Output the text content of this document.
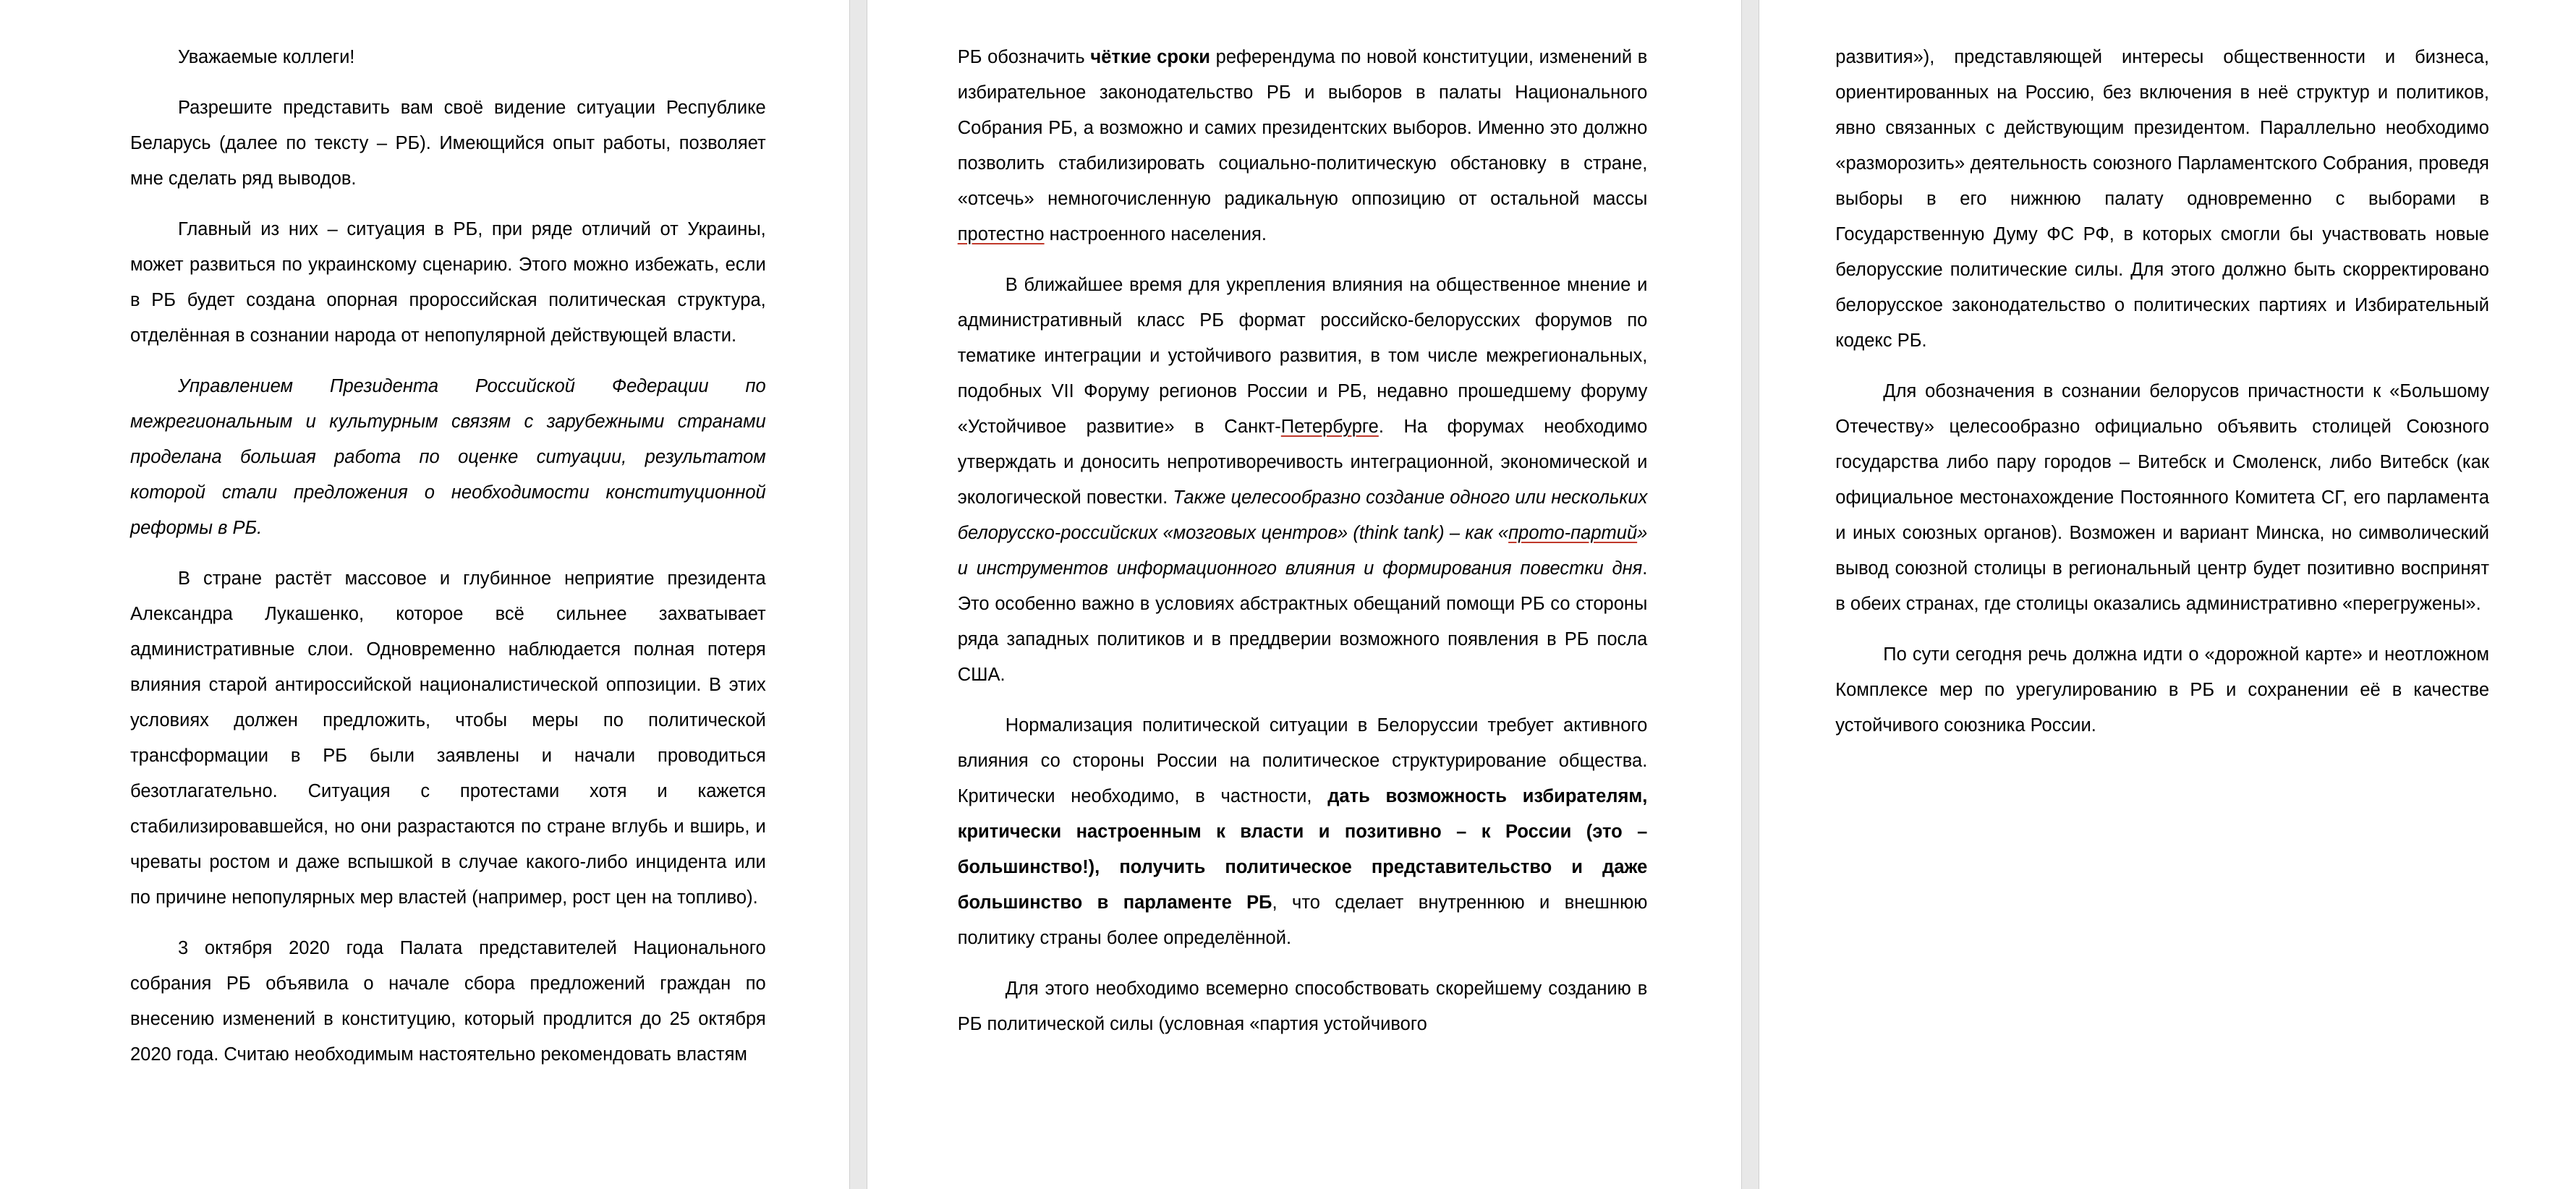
Уважаемые коллеги!

Разрешите представить вам своё видение ситуации Республике Беларусь (далее по тексту – РБ). Имеющийся опыт работы, позволяет мне сделать ряд выводов.

Главный из них – ситуация в РБ, при ряде отличий от Украины, может развиться по украинскому сценарию. Этого можно избежать, если в РБ будет создана опорная пророссийская политическая структура, отделённая в сознании народа от непопулярной действующей власти.

Управлением Президента Российской Федерации по межрегиональным и культурным связям с зарубежными странами проделана большая работа по оценке ситуации, результатом которой стали предложения о необходимости конституционной реформы в РБ.

В стране растёт массовое и глубинное неприятие президента Александра Лукашенко, которое всё сильнее захватывает административные слои. Одновременно наблюдается полная потеря влияния старой антироссийской националистической оппозиции. В этих условиях должен предложить, чтобы меры по политической трансформации в РБ были заявлены и начали проводиться безотлагательно. Ситуация с протестами хотя и кажется стабилизировавшейся, но они разрастаются по стране вглубь и вширь, и чреваты ростом и даже вспышкой в случае какого-либо инцидента или по причине непопулярных мер властей (например, рост цен на топливо).

3 октября 2020 года Палата представителей Национального собрания РБ объявила о начале сбора предложений граждан по внесению изменений в конституцию, который продлится до 25 октября 2020 года. Считаю необходимым настоятельно рекомендовать властям

РБ обозначить чёткие сроки референдума по новой конституции, изменений в избирательное законодательство РБ и выборов в палаты Национального Собрания РБ, а возможно и самих президентских выборов. Именно это должно позволить стабилизировать социально-политическую обстановку в стране, «отсечь» немногочисленную радикальную оппозицию от остальной массы протестно настроенного населения.

В ближайшее время для укрепления влияния на общественное мнение и административный класс РБ формат российско-белорусских форумов по тематике интеграции и устойчивого развития, в том числе межрегиональных, подобных VII Форуму регионов России и РБ, недавно прошедшему форуму «Устойчивое развитие» в Санкт-Петербурге. На форумах необходимо утверждать и доносить непротиворечивость интеграционной, экономической и экологической повестки. Также целесообразно создание одного или нескольких белорусско-российских «мозговых центров» (think tank) – как «прото-партий» и инструментов информационного влияния и формирования повестки дня. Это особенно важно в условиях абстрактных обещаний помощи РБ со стороны ряда западных политиков и в преддверии возможного появления в РБ посла США.

Нормализация политической ситуации в Белоруссии требует активного влияния со стороны России на политическое структурирование общества. Критически необходимо, в частности, дать возможность избирателям, критически настроенным к власти и позитивно – к России (это – большинство!), получить политическое представительство и даже большинство в парламенте РБ, что сделает внутреннюю и внешнюю политику страны более определённой.

Для этого необходимо всемерно способствовать скорейшему созданию в РБ политической силы (условная «партия устойчивого

развития»), представляющей интересы общественности и бизнеса, ориентированных на Россию, без включения в неё структур и политиков, явно связанных с действующим президентом. Параллельно необходимо «разморозить» деятельность союзного Парламентского Собрания, проведя выборы в его нижнюю палату одновременно с выборами в Государственную Думу ФС РФ, в которых смогли бы участвовать новые белорусские политические силы. Для этого должно быть скорректировано белорусское законодательство о политических партиях и Избирательный кодекс РБ.

Для обозначения в сознании белорусов причастности к «Большому Отечеству» целесообразно официально объявить столицей Союзного государства либо пару городов – Витебск и Смоленск, либо Витебск (как официальное местонахождение Постоянного Комитета СГ, его парламента и иных союзных органов). Возможен и вариант Минска, но символический вывод союзной столицы в региональный центр будет позитивно воспринят в обеих странах, где столицы оказались административно «перегружены».

По сути сегодня речь должна идти о «дорожной карте» и неотложном Комплексе мер по урегулированию в РБ и сохранении её в качестве устойчивого союзника России.
